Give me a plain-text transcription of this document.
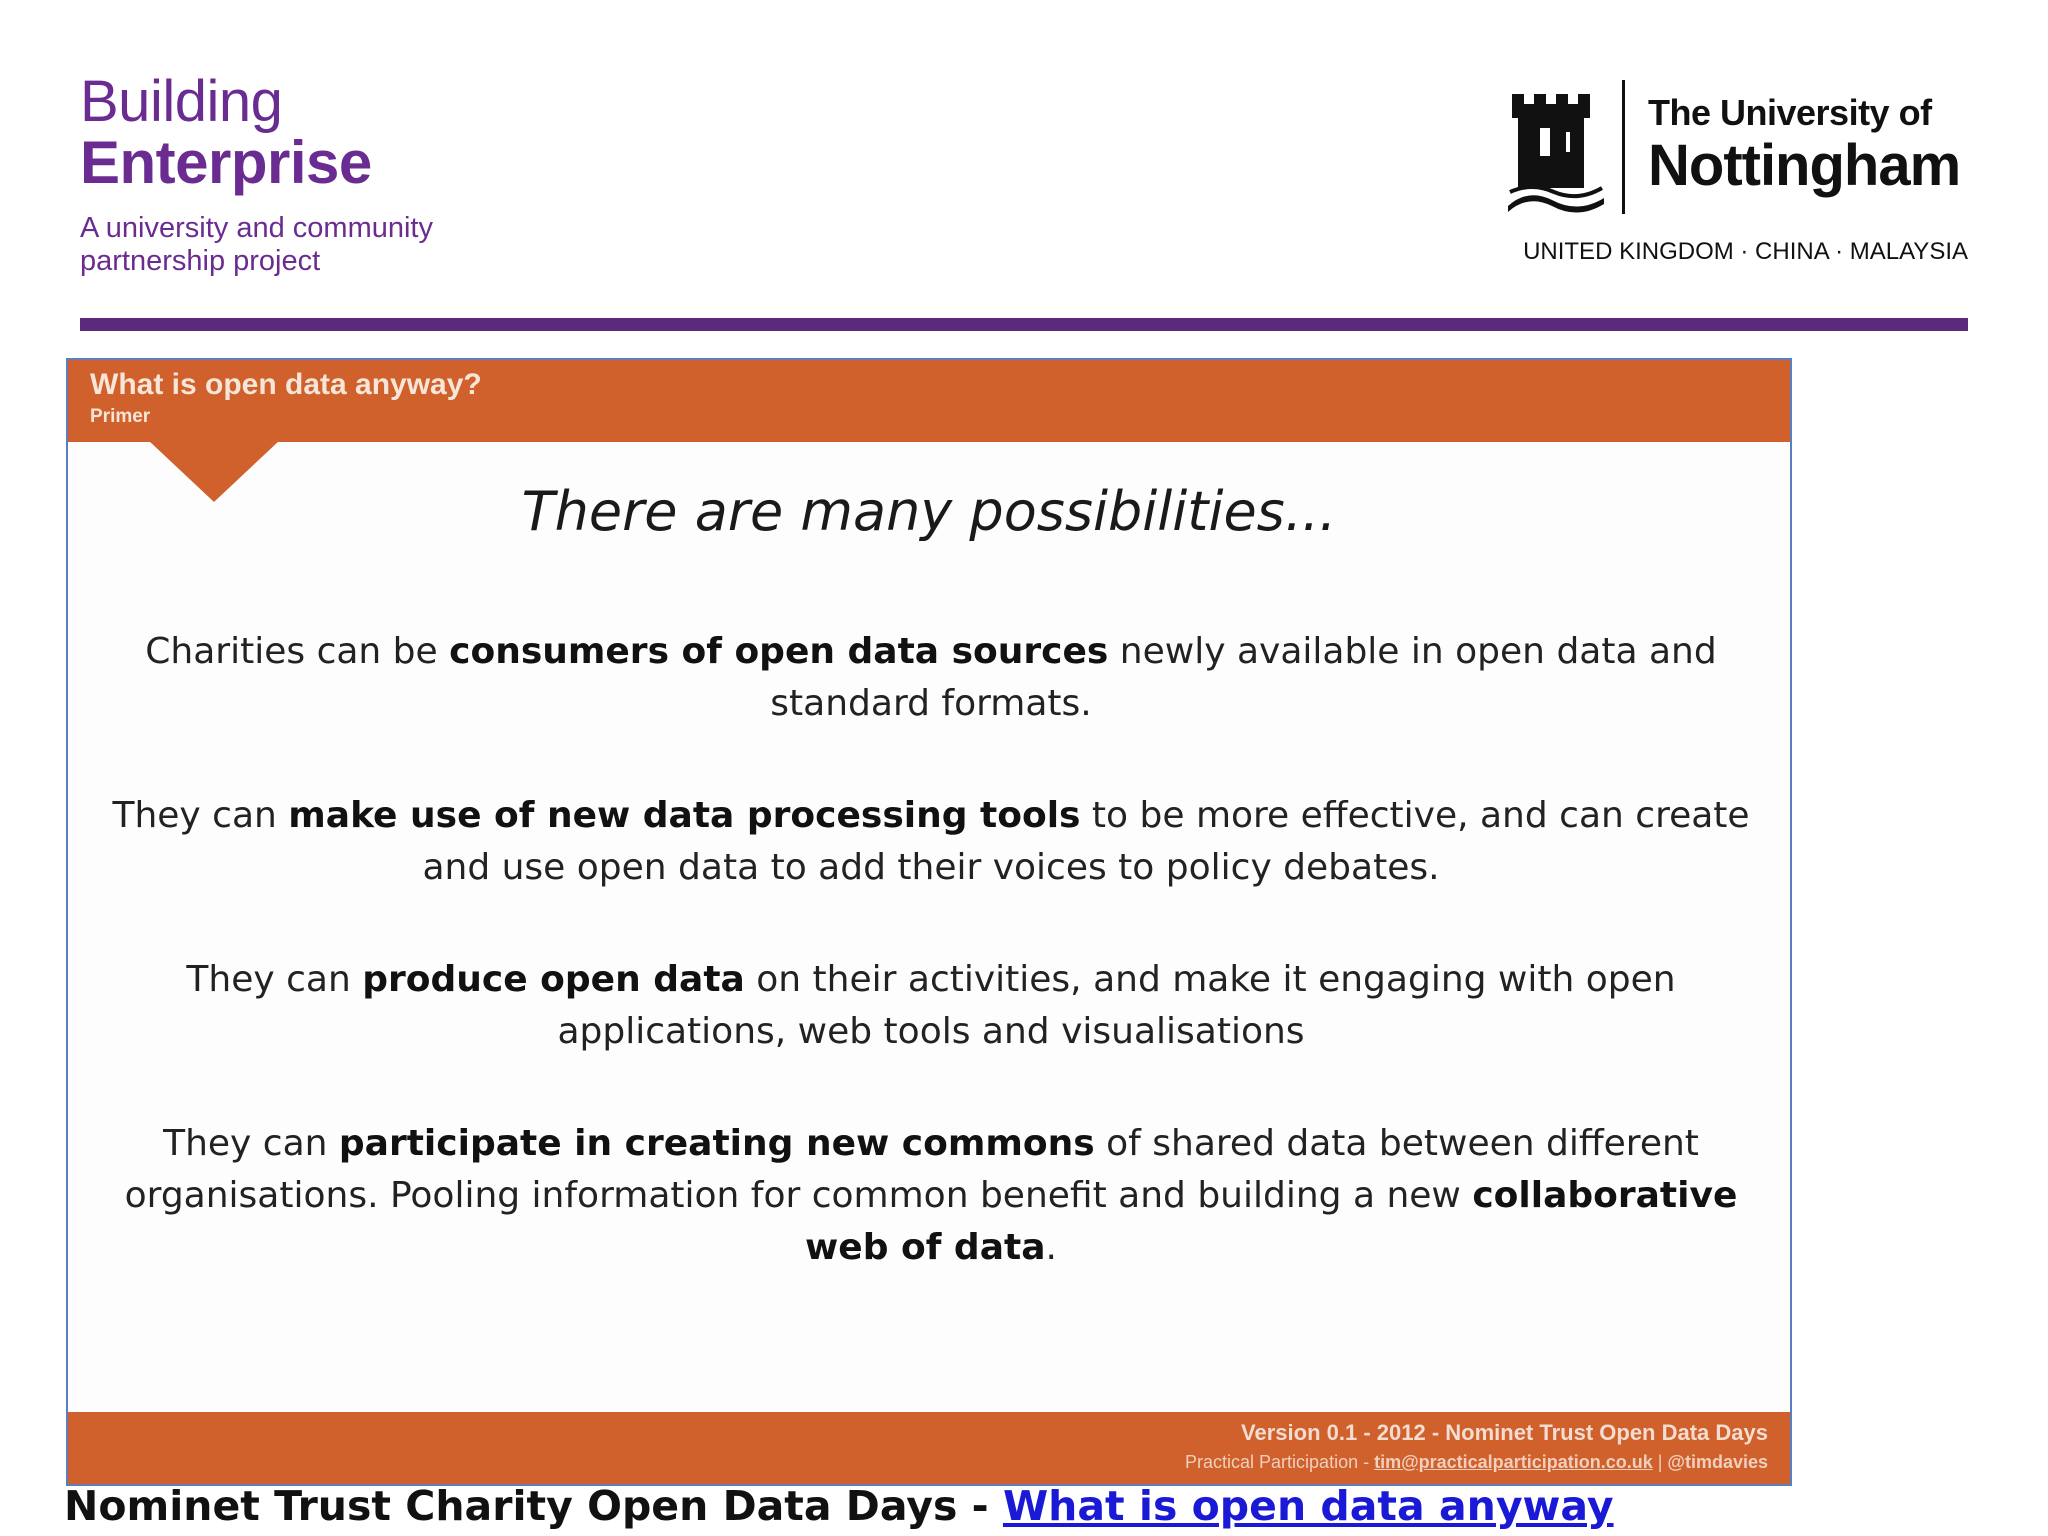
Building
Enterprise
A university and community
partnership project
The University of
Nottingham
UNITED KINGDOM · CHINA · MALAYSIA
What is open data anyway?
Primer
There are many possibilities...
Charities can be consumers of open data sources newly available in open data and standard formats.
They can make use of new data processing tools to be more effective, and can create and use open data to add their voices to policy debates.
They can produce open data on their activities, and make it engaging with open applications, web tools and visualisations
They can participate in creating new commons of shared data between different organisations. Pooling information for common benefit and building a new collaborative web of data.
Version 0.1 - 2012 - Nominet Trust Open Data Days
Practical Participation - tim@practicalparticipation.co.uk | @timdavies
Nominet Trust Charity Open Data Days - What is open data anyway
